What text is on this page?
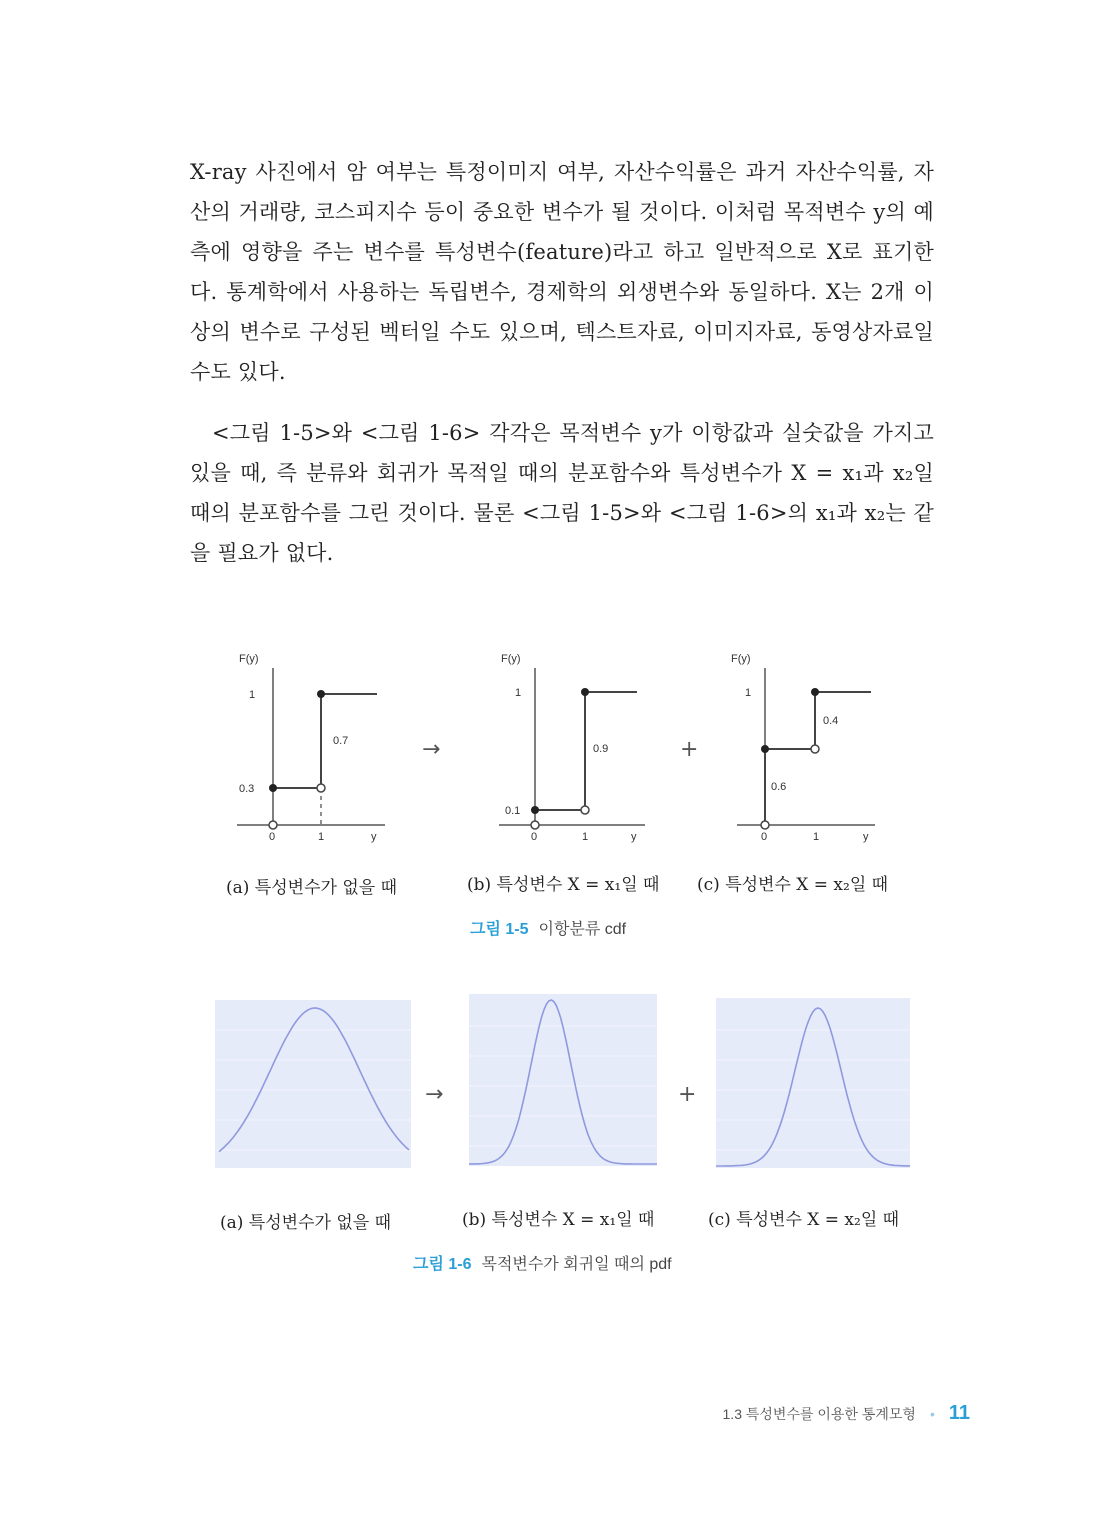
X-ray 사진에서 암 여부는 특정이미지 여부, 자산수익률은 과거 자산수익률, 자산의 거래량, 코스피지수 등이 중요한 변수가 될 것이다. 이처럼 목적변수 y의 예측에 영향을 주는 변수를 특성변수(feature)라고 하고 일반적으로 X로 표기한다. 통계학에서 사용하는 독립변수, 경제학의 외생변수와 동일하다. X는 2개 이상의 변수로 구성된 벡터일 수도 있으며, 텍스트자료, 이미지자료, 동영상자료일 수도 있다.

<그림 1-5>와 <그림 1-6> 각각은 목적변수 y가 이항값과 실숫값을 가지고 있을 때, 즉 분류와 회귀가 목적일 때의 분포함수와 특성변수가 X = x₁과 x₂일 때의 분포함수를 그린 것이다. 물론 <그림 1-5>와 <그림 1-6>의 x₁과 x₂는 같을 필요가 없다.

F(y)
1
0.3
0.7
0	1	y
→
F(y)
1
0.1
0.9
0	1	y
+
F(y)
1
0.6
0.4
0	1	y
(a) 특성변수가 없을 때	(b) 특성변수 X = x₁일 때 (c) 특성변수 X = x₂일 때
그림 1-5 이항분류 cdf
→	+
(a) 특성변수가 없을 때	(b) 특성변수 X = x₁일 때	(c) 특성변수 X = x₂일 때
그림 1-6 목적변수가 회귀일 때의 pdf
1.3 특성변수를 이용한 통계모형 • 11
